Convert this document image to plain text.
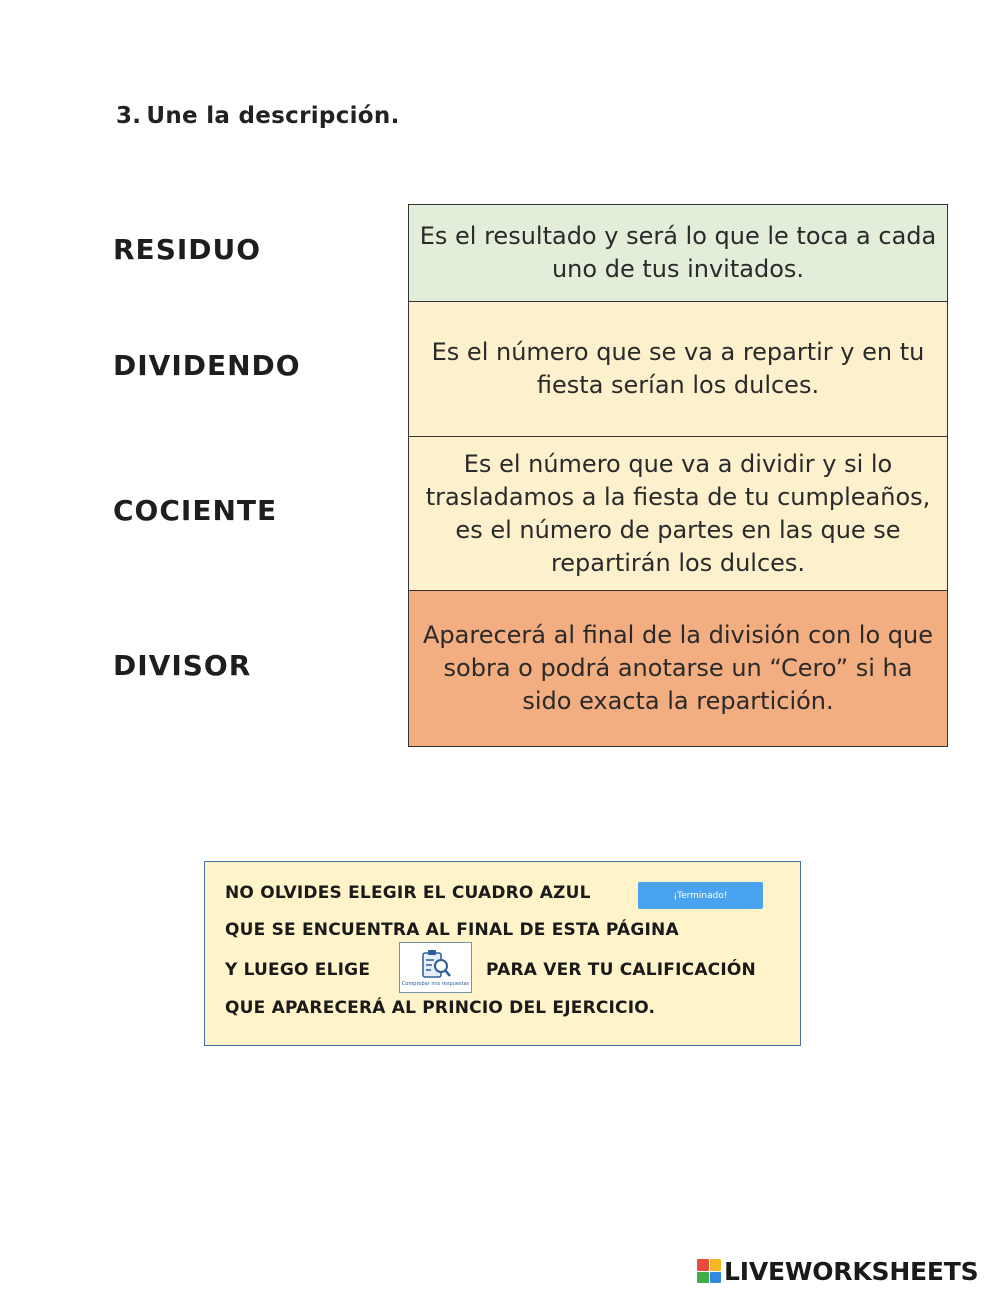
3. Une la descripción.
RESIDUO
DIVIDENDO
COCIENTE
DIVISOR
Es el resultado y será lo que le toca a cada uno de tus invitados.
Es el número que se va a repartir y en tu fiesta serían los dulces.
Es el número que va a dividir y si lo trasladamos a la fiesta de tu cumpleaños, es el número de partes en las que se repartirán los dulces.
Aparecerá al final de la división con lo que sobra o podrá anotarse un “Cero” si ha sido exacta la repartición.
NO OLVIDES ELEGIR EL CUADRO AZUL	¡Terminado!
QUE SE ENCUENTRA AL FINAL DE ESTA PÁGINA
Y LUEGO ELIGE
Comprobar mis respuestas
PARA VER TU CALIFICACIÓN
QUE APARECERÁ AL PRINCIO DEL EJERCICIO.
LIVEWORKSHEETS
